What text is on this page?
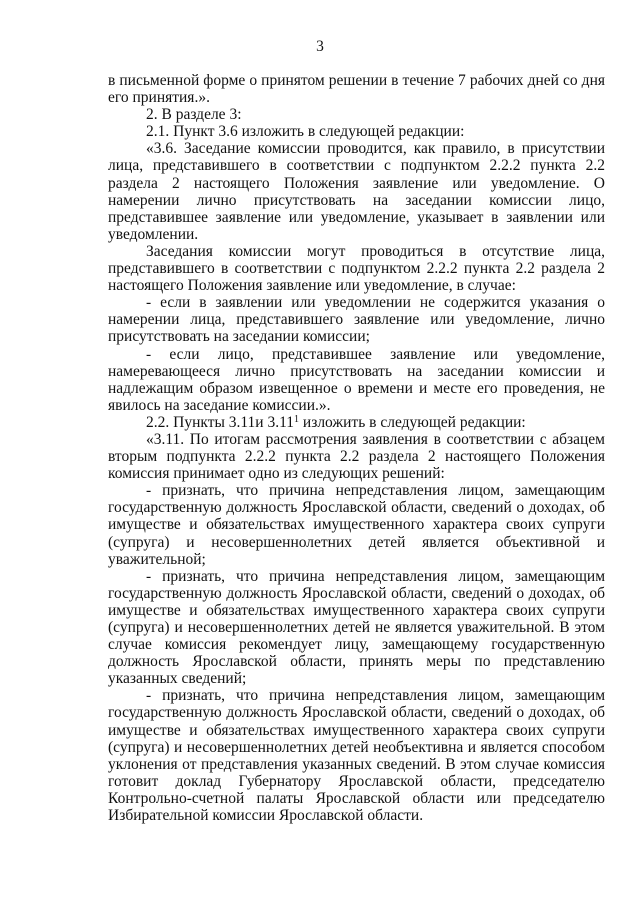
3

в письменной форме о принятом решении в течение 7 рабочих дней со дня его принятия.».

2. В разделе 3:

2.1. Пункт 3.6 изложить в следующей редакции:

«3.6. Заседание комиссии проводится, как правило, в присутствии лица, представившего в соответствии с подпунктом 2.2.2 пункта 2.2 раздела 2 настоящего Положения заявление или уведомление. О намерении лично присутствовать на заседании комиссии лицо, представившее заявление или уведомление, указывает в заявлении или уведомлении.

Заседания комиссии могут проводиться в отсутствие лица, представившего в соответствии с подпунктом 2.2.2 пункта 2.2 раздела 2 настоящего Положения заявление или уведомление, в случае:

- если в заявлении или уведомлении не содержится указания о намерении лица, представившего заявление или уведомление, лично присутствовать на заседании комиссии;

- если лицо, представившее заявление или уведомление, намеревающееся лично присутствовать на заседании комиссии и надлежащим образом извещенное о времени и месте его проведения, не явилось на заседание комиссии.».

2.2. Пункты 3.11и 3.11$^1$ изложить в следующей редакции:

«3.11. По итогам рассмотрения заявления в соответствии с абзацем вторым подпункта 2.2.2 пункта 2.2 раздела 2 настоящего Положения комиссия принимает одно из следующих решений:

- признать, что причина непредставления лицом, замещающим государственную должность Ярославской области, сведений о доходах, об имуществе и обязательствах имущественного характера своих супруги (супруга) и несовершеннолетних детей является объективной и уважительной;

- признать, что причина непредставления лицом, замещающим государственную должность Ярославской области, сведений о доходах, об имуществе и обязательствах имущественного характера своих супруги (супруга) и несовершеннолетних детей не является уважительной. В этом случае комиссия рекомендует лицу, замещающему государственную должность Ярославской области, принять меры по представлению указанных сведений;

- признать, что причина непредставления лицом, замещающим государственную должность Ярославской области, сведений о доходах, об имуществе и обязательствах имущественного характера своих супруги (супруга) и несовершеннолетних детей необъективна и является способом уклонения от представления указанных сведений. В этом случае комиссия готовит доклад Губернатору Ярославской области, председателю Контрольно-счетной палаты Ярославской области или председателю Избирательной комиссии Ярославской области.
